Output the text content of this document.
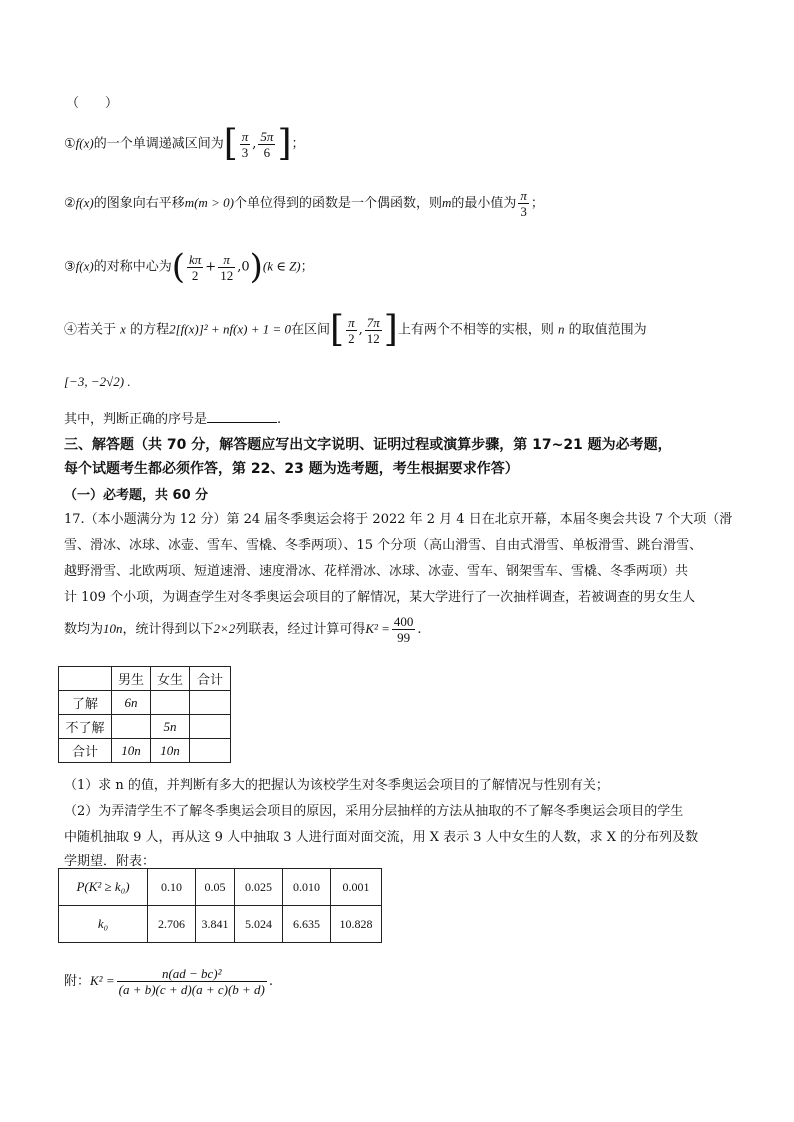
（　　）
①f(x)的一个单调递减区间为[ $\frac{\pi}{3}$ , $\frac{5\pi}{6}$ ]；
②f(x)的图象向右平移m(m > 0)个单位得到的函数是一个偶函数，则m的最小值为 $\frac{\pi}{3}$ ；
③f(x)的对称中心为( $\frac{k\pi}{2} + \frac{\pi}{12} ,0)(k$ ∈ Z)；
④若关于 x 的方程2[f(x)]² + nf(x) + 1 = 0在区间[ $\frac{\pi}{2}$ , $\frac{7\pi}{12}$ ]上有两个不相等的实根，则 n 的取值范围为
[−3, −2√2) .
其中，判断正确的序号是	.
三、解答题（共 70 分，解答题应写出文字说明、证明过程或演算步骤，第 17~21 题为必考题，
每个试题考生都必须作答，第 22、23 题为选考题，考生根据要求作答）
（一）必考题，共 60 分
17.（本小题满分为 12 分）第 24 届冬季奥运会将于 2022 年 2 月 4 日在北京开幕，本届冬奥会共设 7 个大项（滑
雪、滑冰、冰球、冰壶、雪车、雪橇、冬季两项）、15 个分项（高山滑雪、自由式滑雪、单板滑雪、跳台滑雪、
越野滑雪、北欧两项、短道速滑、速度滑冰、花样滑冰、冰球、冰壶、雪车、钢架雪车、雪橇、冬季两项）共
计 109 个小项，为调查学生对冬季奥运会项目的了解情况，某大学进行了一次抽样调查，若被调查的男女生人
数均为10n，统计得到以下2×2列联表，经过计算可得$K^2 = \frac{400}{99}$ .
	男生	女生	合计
了解	6n		
不了解		5n	
合计	10n	10n	
（1）求 n 的值，并判断有多大的把握认为该校学生对冬季奥运会项目的了解情况与性别有关；
（2）为弄清学生不了解冬季奥运会项目的原因，采用分层抽样的方法从抽取的不了解冬季奥运会项目的学生
中随机抽取 9 人，再从这 9 人中抽取 3 人进行面对面交流，用 X 表示 3 人中女生的人数，求 X 的分布列及数
学期望．附表：
P(K² ≥ k₀)	0.10	0.05	0.025	0.010	0.001
k₀	2.706	3.841	5.024	6.635	10.828
附：$K^2 = \frac{\text{n(ad − bc)²}}{(a + b)(c + d)(a + c)(b + d)}$ .
